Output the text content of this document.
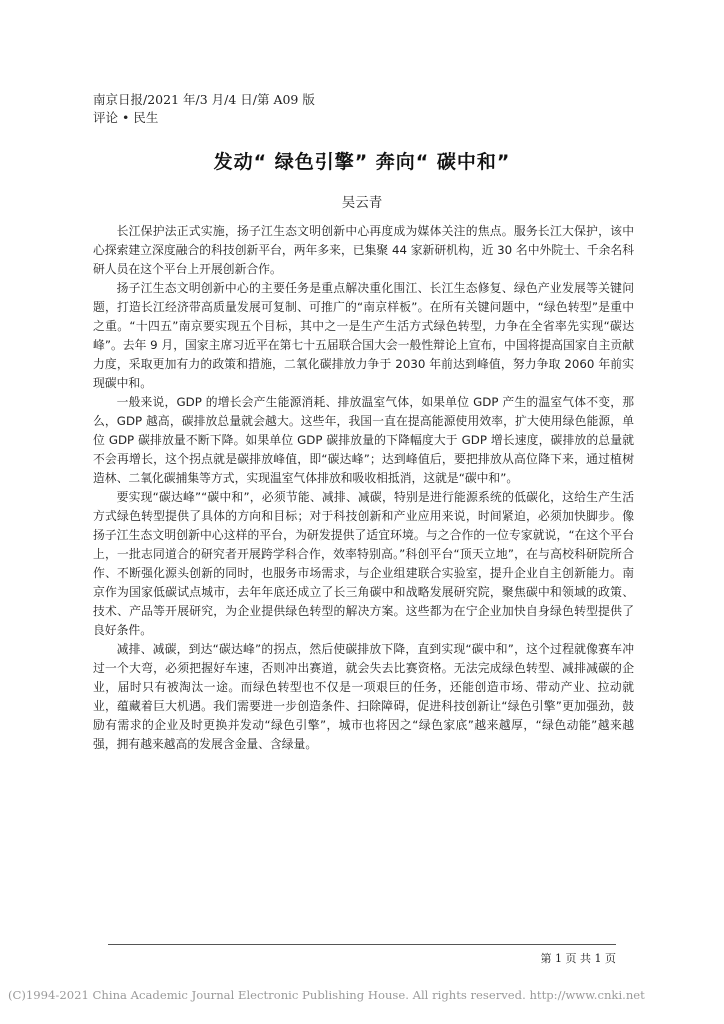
南京日报/2021 年/3 月/4 日/第 A09 版
评论 • 民生
发动“ 绿色引擎” 奔向“ 碳中和”
吴云青

长江保护法正式实施，扬子江生态文明创新中心再度成为媒体关注的焦点。服务长江大保护，该中心探索建立深度融合的科技创新平台，两年多来，已集聚 44 家新研机构，近 30 名中外院士、千余名科研人员在这个平台上开展创新合作。

扬子江生态文明创新中心的主要任务是重点解决重化围江、长江生态修复、绿色产业发展等关键问题，打造长江经济带高质量发展可复制、可推广的“南京样板”。在所有关键问题中，“绿色转型”是重中之重。“十四五”南京要实现五个目标，其中之一是生产生活方式绿色转型，力争在全省率先实现“碳达峰”。去年 9 月，国家主席习近平在第七十五届联合国大会一般性辩论上宣布，中国将提高国家自主贡献力度，采取更加有力的政策和措施，二氧化碳排放力争于 2030 年前达到峰值，努力争取 2060 年前实现碳中和。

一般来说，GDP 的增长会产生能源消耗、排放温室气体，如果单位 GDP 产生的温室气体不变，那么，GDP 越高，碳排放总量就会越大。这些年，我国一直在提高能源使用效率，扩大使用绿色能源，单位 GDP 碳排放量不断下降。如果单位 GDP 碳排放量的下降幅度大于 GDP 增长速度，碳排放的总量就不会再增长，这个拐点就是碳排放峰值，即“碳达峰”；达到峰值后，要把排放从高位降下来，通过植树造林、二氧化碳捕集等方式，实现温室气体排放和吸收相抵消，这就是“碳中和”。

要实现“碳达峰”“碳中和”，必须节能、减排、减碳，特别是进行能源系统的低碳化，这给生产生活方式绿色转型提供了具体的方向和目标；对于科技创新和产业应用来说，时间紧迫，必须加快脚步。像扬子江生态文明创新中心这样的平台，为研发提供了适宜环境。与之合作的一位专家就说，“在这个平台上，一批志同道合的研究者开展跨学科合作，效率特别高。”科创平台“顶天立地”，在与高校科研院所合作、不断强化源头创新的同时，也服务市场需求，与企业组建联合实验室，提升企业自主创新能力。南京作为国家低碳试点城市，去年年底还成立了长三角碳中和战略发展研究院，聚焦碳中和领域的政策、技术、产品等开展研究，为企业提供绿色转型的解决方案。这些都为在宁企业加快自身绿色转型提供了良好条件。

减排、减碳，到达“碳达峰”的拐点，然后使碳排放下降，直到实现“碳中和”，这个过程就像赛车冲过一个大弯，必须把握好车速，否则冲出赛道，就会失去比赛资格。无法完成绿色转型、减排减碳的企业，届时只有被淘汰一途。而绿色转型也不仅是一项艰巨的任务，还能创造市场、带动产业、拉动就业，蕴藏着巨大机遇。我们需要进一步创造条件、扫除障碍，促进科技创新让“绿色引擎”更加强劲，鼓励有需求的企业及时更换并发动“绿色引擎”，城市也将因之“绿色家底”越来越厚，“绿色动能”越来越强，拥有越来越高的发展含金量、含绿量。

第 1 页 共 1 页
(C)1994-2021 China Academic Journal Electronic Publishing House. All rights reserved. http://www.cnki.net
